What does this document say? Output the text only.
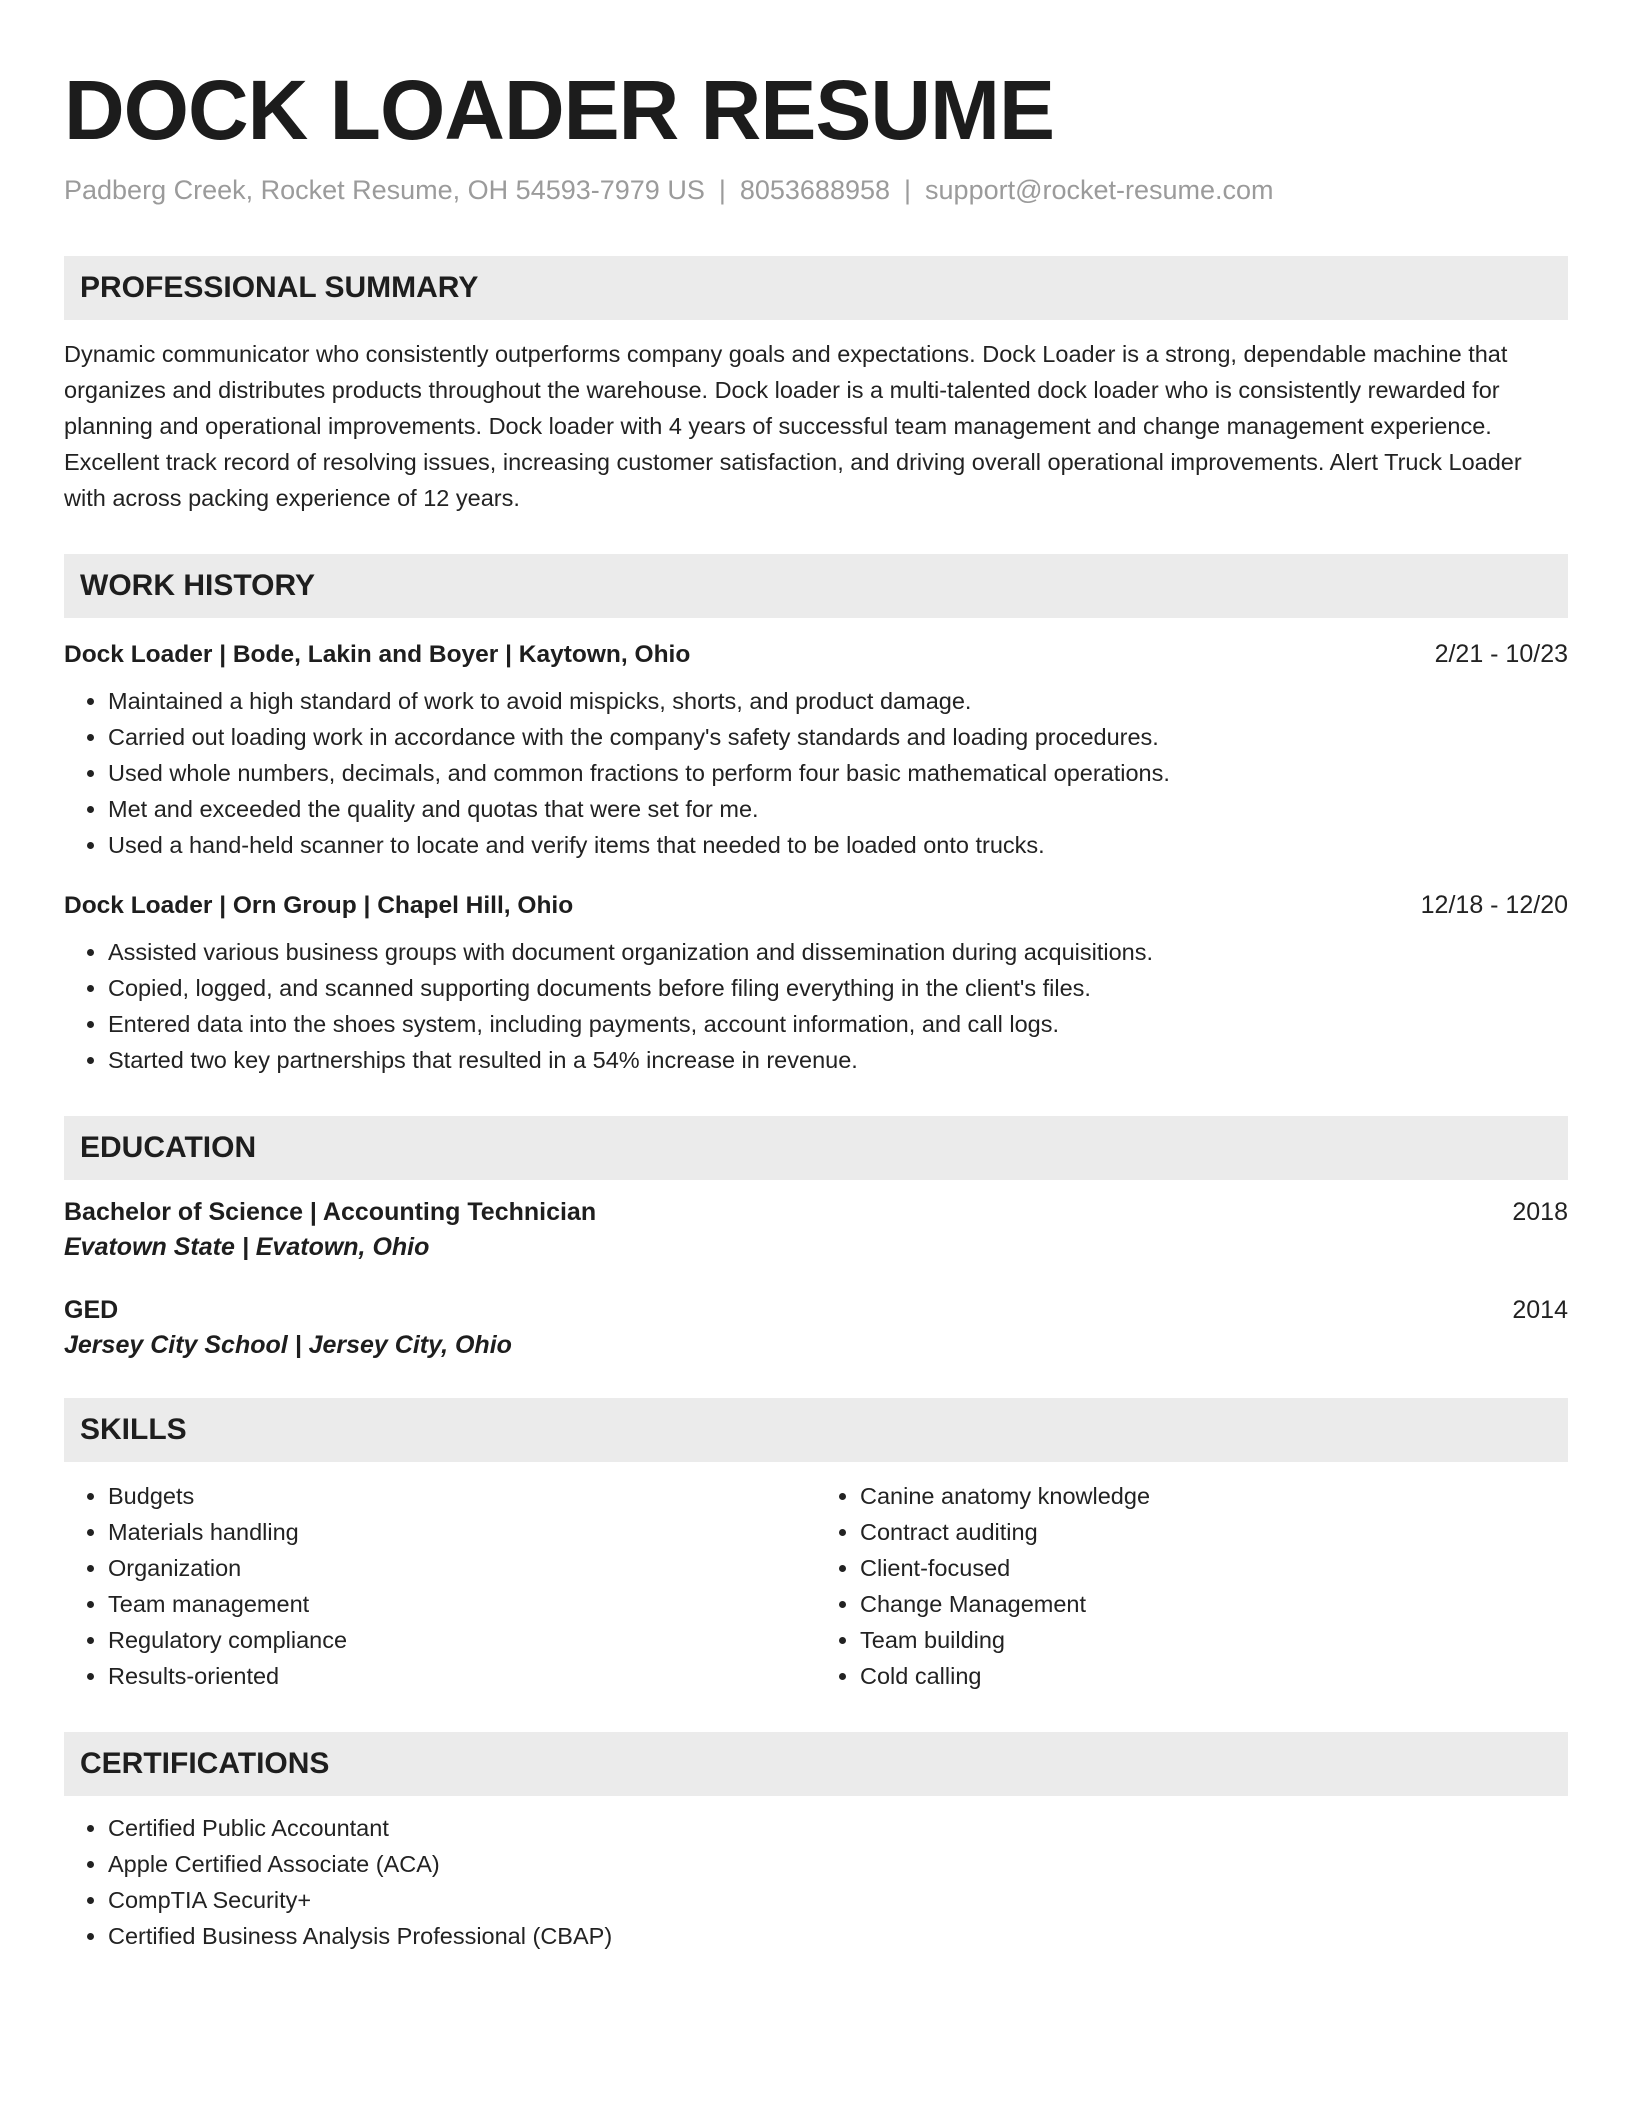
DOCK LOADER RESUME
Padberg Creek, Rocket Resume, OH 54593-7979 US | 8053688958 | support@rocket-resume.com
PROFESSIONAL SUMMARY
Dynamic communicator who consistently outperforms company goals and expectations. Dock Loader is a strong, dependable machine that organizes and distributes products throughout the warehouse. Dock loader is a multi-talented dock loader who is consistently rewarded for planning and operational improvements. Dock loader with 4 years of successful team management and change management experience. Excellent track record of resolving issues, increasing customer satisfaction, and driving overall operational improvements. Alert Truck Loader with across packing experience of 12 years.
WORK HISTORY
Dock Loader | Bode, Lakin and Boyer | Kaytown, Ohio	2/21 - 10/23
• Maintained a high standard of work to avoid mispicks, shorts, and product damage.
• Carried out loading work in accordance with the company's safety standards and loading procedures.
• Used whole numbers, decimals, and common fractions to perform four basic mathematical operations.
• Met and exceeded the quality and quotas that were set for me.
• Used a hand-held scanner to locate and verify items that needed to be loaded onto trucks.
Dock Loader | Orn Group | Chapel Hill, Ohio	12/18 - 12/20
• Assisted various business groups with document organization and dissemination during acquisitions.
• Copied, logged, and scanned supporting documents before filing everything in the client's files.
• Entered data into the shoes system, including payments, account information, and call logs.
• Started two key partnerships that resulted in a 54% increase in revenue.
EDUCATION
Bachelor of Science | Accounting Technician	2018
Evatown State | Evatown, Ohio
GED	2014
Jersey City School | Jersey City, Ohio
SKILLS
• Budgets
• Materials handling
• Organization
• Team management
• Regulatory compliance
• Results-oriented
• Canine anatomy knowledge
• Contract auditing
• Client-focused
• Change Management
• Team building
• Cold calling
CERTIFICATIONS
• Certified Public Accountant
• Apple Certified Associate (ACA)
• CompTIA Security+
• Certified Business Analysis Professional (CBAP)
